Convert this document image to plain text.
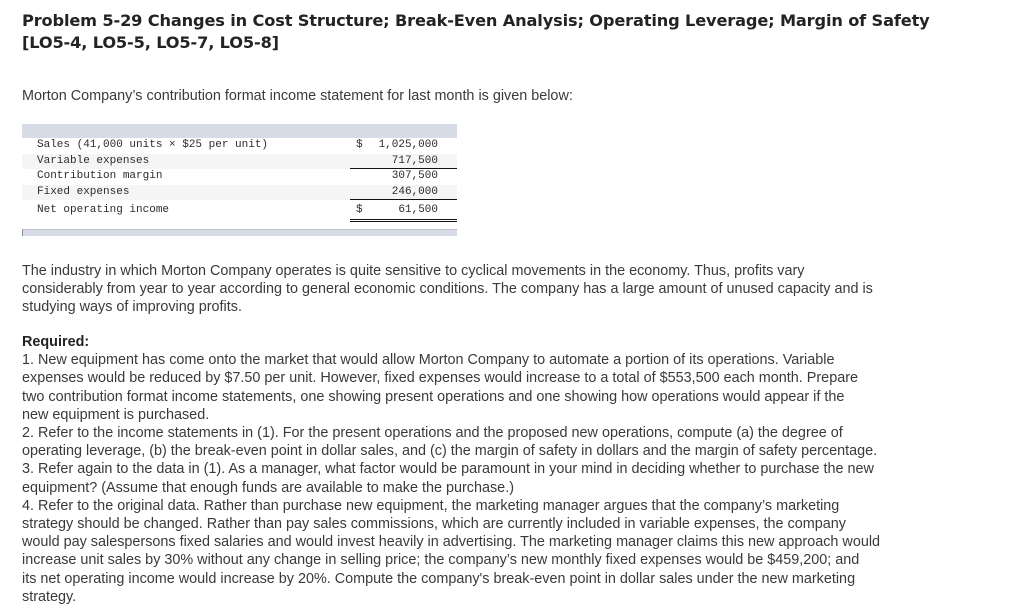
Problem 5-29 Changes in Cost Structure; Break-Even Analysis; Operating Leverage; Margin of Safety
[LO5-4, LO5-5, LO5-7, LO5-8]

Morton Company’s contribution format income statement for last month is given below:

Sales (41,000 units × $25 per unit)	$ 1,025,000
Variable expenses	717,500
Contribution margin	307,500
Fixed expenses	246,000
Net operating income	$	61,500

The industry in which Morton Company operates is quite sensitive to cyclical movements in the economy. Thus, profits vary
considerably from year to year according to general economic conditions. The company has a large amount of unused capacity and is
studying ways of improving profits.

Required:
1. New equipment has come onto the market that would allow Morton Company to automate a portion of its operations. Variable
expenses would be reduced by $7.50 per unit. However, fixed expenses would increase to a total of $553,500 each month. Prepare
two contribution format income statements, one showing present operations and one showing how operations would appear if the
new equipment is purchased.
2. Refer to the income statements in (1). For the present operations and the proposed new operations, compute (a) the degree of
operating leverage, (b) the break-even point in dollar sales, and (c) the margin of safety in dollars and the margin of safety percentage.
3. Refer again to the data in (1). As a manager, what factor would be paramount in your mind in deciding whether to purchase the new
equipment? (Assume that enough funds are available to make the purchase.)
4. Refer to the original data. Rather than purchase new equipment, the marketing manager argues that the company’s marketing
strategy should be changed. Rather than pay sales commissions, which are currently included in variable expenses, the company
would pay salespersons fixed salaries and would invest heavily in advertising. The marketing manager claims this new approach would
increase unit sales by 30% without any change in selling price; the company’s new monthly fixed expenses would be $459,200; and
its net operating income would increase by 20%. Compute the company's break-even point in dollar sales under the new marketing
strategy.
